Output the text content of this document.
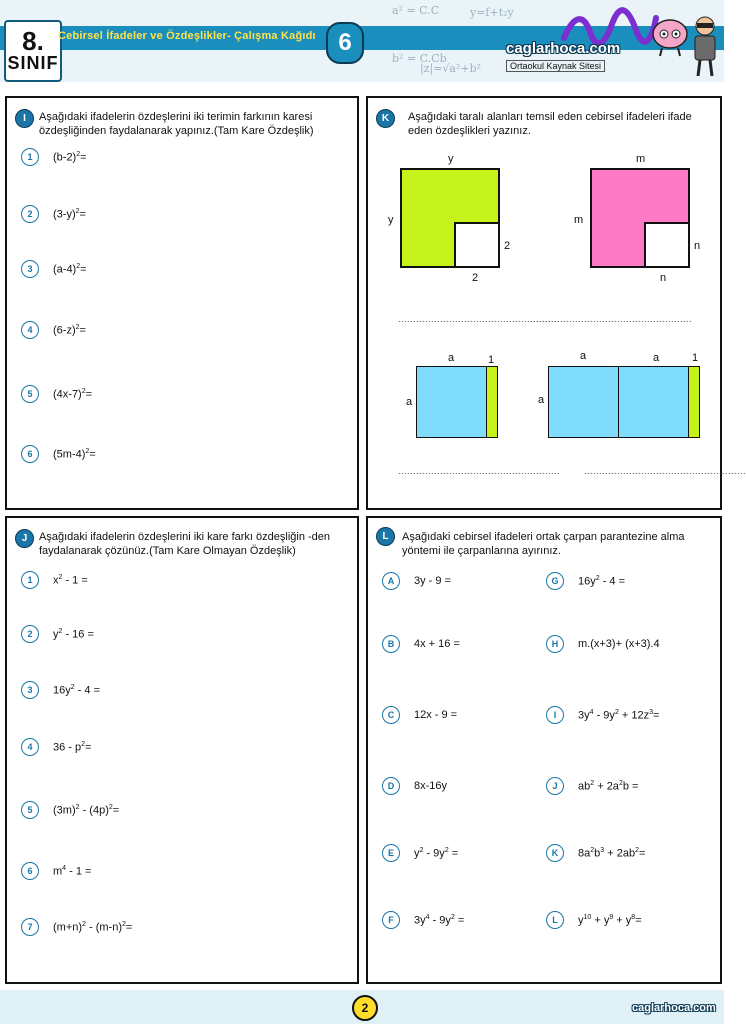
a² = C.C
b² = C.Cb
|z|=√a²+b²
y=f+t₂y
8.
SINIF
Cebirsel İfadeler ve Özdeşlikler- Çalışma Kağıdı 6	caglarhoca.com
Ortaokul Kaynak Sitesi
I	Aşağıdaki ifadelerin özdeşlerini iki terimin farkının karesi özdeşliğinden faydalanarak yapınız.(Tam Kare Özdeşlik)
1	$(b-2)^2=$
2	$(3-y)^2=$
3	$(a-4)^2=$
4	$(6-z)^2=$
5	$(4x-7)^2=$
6	$(5m-4)^2=$
K	Aşağıdaki taralı alanları temsil eden cebirsel ifadeleri ifade eden özdeşlikleri yazınız.
y
y
2
2
......................................................
m
m
n
n
......................................................
a	1
a
......................................................
a	a	1
a
......................................................
J	Aşağıdaki ifadelerin özdeşlerini iki kare farkı özdeşliğin -den faydalanarak çözünüz.(Tam Kare Olmayan Özdeşlik)
1	$x^2 - 1$ =
2	$y^2 - 16$ =
3	$16y^2 - 4$ =
4	$36 - p^2=$
5	$(3m)^2 - (4p)^2=$
6	$m^4 - 1$ =
7	$(m+n)^2 - (m-n)^2=$
L	Aşağıdaki cebirsel ifadeleri ortak çarpan parantezine alma yöntemi ile çarpanlarına ayırınız.
A	3y - 9 =
B	4x + 16 =
C	12x - 9 =
D	8x-16y
E	$y^2 - 9y^2$ =
F	$3y^4 - 9y^2$ =
G	$16y^2 - 4$ =
H	m.(x+3)+ (x+3).4
I	$3y^4 - 9y^2 + 12z^3=$
J	$ab^2 + 2a^2b$ =
K	$8a^2b^3 + 2ab^2=$
L	$y^{10} + y^9 + y^8=$
2	caglarhoca.com
